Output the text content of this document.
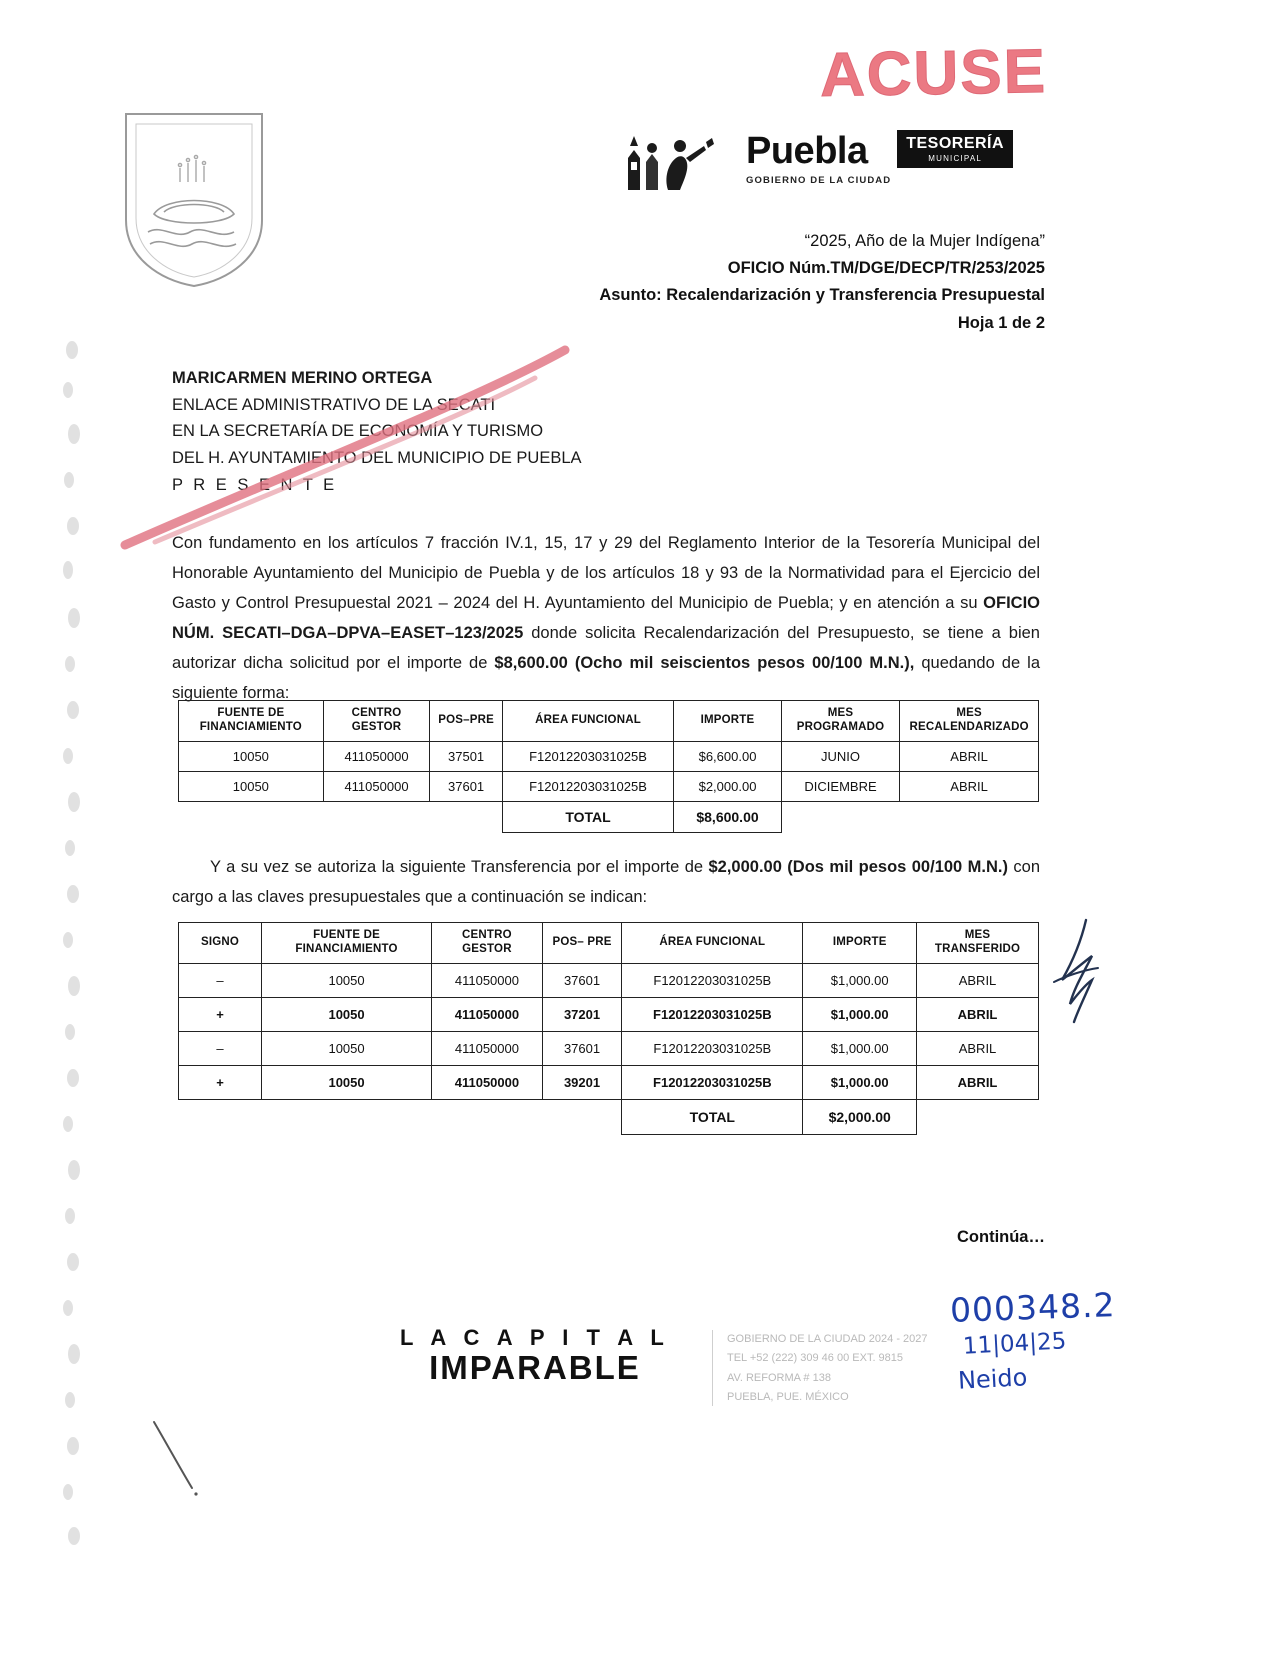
ACUSE
Puebla
GOBIERNO DE LA CIUDAD
TESORERÍA
MUNICIPAL
“2025, Año de la Mujer Indígena”
OFICIO Núm.TM/DGE/DECP/TR/253/2025
Asunto: Recalendarización y Transferencia Presupuestal
Hoja 1 de 2
MARICARMEN MERINO ORTEGA
ENLACE ADMINISTRATIVO DE LA SECATI
EN LA SECRETARÍA DE ECONOMÍA Y TURISMO
DEL H. AYUNTAMIENTO DEL MUNICIPIO DE PUEBLA
P R E S E N T E
Con fundamento en los artículos 7 fracción IV.1, 15, 17 y 29 del Reglamento Interior de la Tesorería Municipal del Honorable Ayuntamiento del Municipio de Puebla y de los artículos 18 y 93 de la Normatividad para el Ejercicio del Gasto y Control Presupuestal 2021 – 2024 del H. Ayuntamiento del Municipio de Puebla; y en atención a su OFICIO NÚM. SECATI–DGA–DPVA–EASET–123/2025 donde solicita Recalendarización del Presupuesto, se tiene a bien autorizar dicha solicitud por el importe de $8,600.00 (Ocho mil seiscientos pesos 00/100 M.N.), quedando de la siguiente forma:
FUENTE DE FINANCIAMIENTO	CENTRO GESTOR	POS–PRE	ÁREA FUNCIONAL	IMPORTE	MES PROGRAMADO	MES RECALENDARIZADO
10050	411050000	37501	F12012203031025B	$6,600.00	JUNIO	ABRIL
10050	411050000	37601	F12012203031025B	$2,000.00	DICIEMBRE	ABRIL
			TOTAL	$8,600.00		
Y a su vez se autoriza la siguiente Transferencia por el importe de $2,000.00 (Dos mil pesos 00/100 M.N.) con cargo a las claves presupuestales que a continuación se indican:
SIGNO	FUENTE DE FINANCIAMIENTO	CENTRO GESTOR	POS– PRE	ÁREA FUNCIONAL	IMPORTE	MES TRANSFERIDO
–	10050	411050000	37601	F12012203031025B	$1,000.00	ABRIL
+	10050	411050000	37201	F12012203031025B	$1,000.00	ABRIL
–	10050	411050000	37601	F12012203031025B	$1,000.00	ABRIL
+	10050	411050000	39201	F12012203031025B	$1,000.00	ABRIL
				TOTAL	$2,000.00	
Continúa…
L A C A P I T A L
IMPARABLE
GOBIERNO DE LA CIUDAD 2024 - 2027
TEL +52 (222) 309 46 00 EXT. 9815
AV. REFORMA # 138
PUEBLA, PUE. MÉXICO
000348.2
11|04|25
Neido
